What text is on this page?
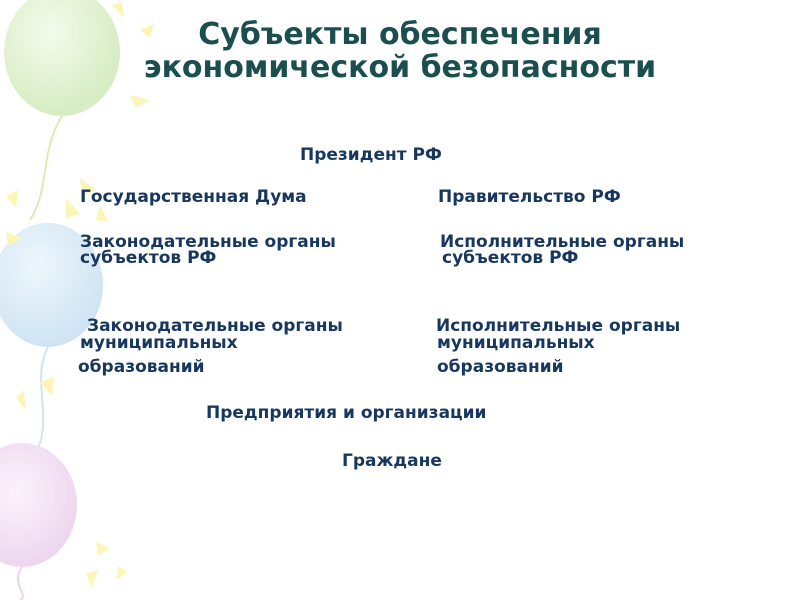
Субъекты обеспечения
экономической безопасности
Президент РФ
Государственная Дума	Правительство РФ
Законодательные органы
субъектов РФ
Исполнительные органы
субъектов РФ
Законодательные органы
муниципальных
образований
Исполнительные органы
муниципальных
образований
Предприятия и организации
Граждане
